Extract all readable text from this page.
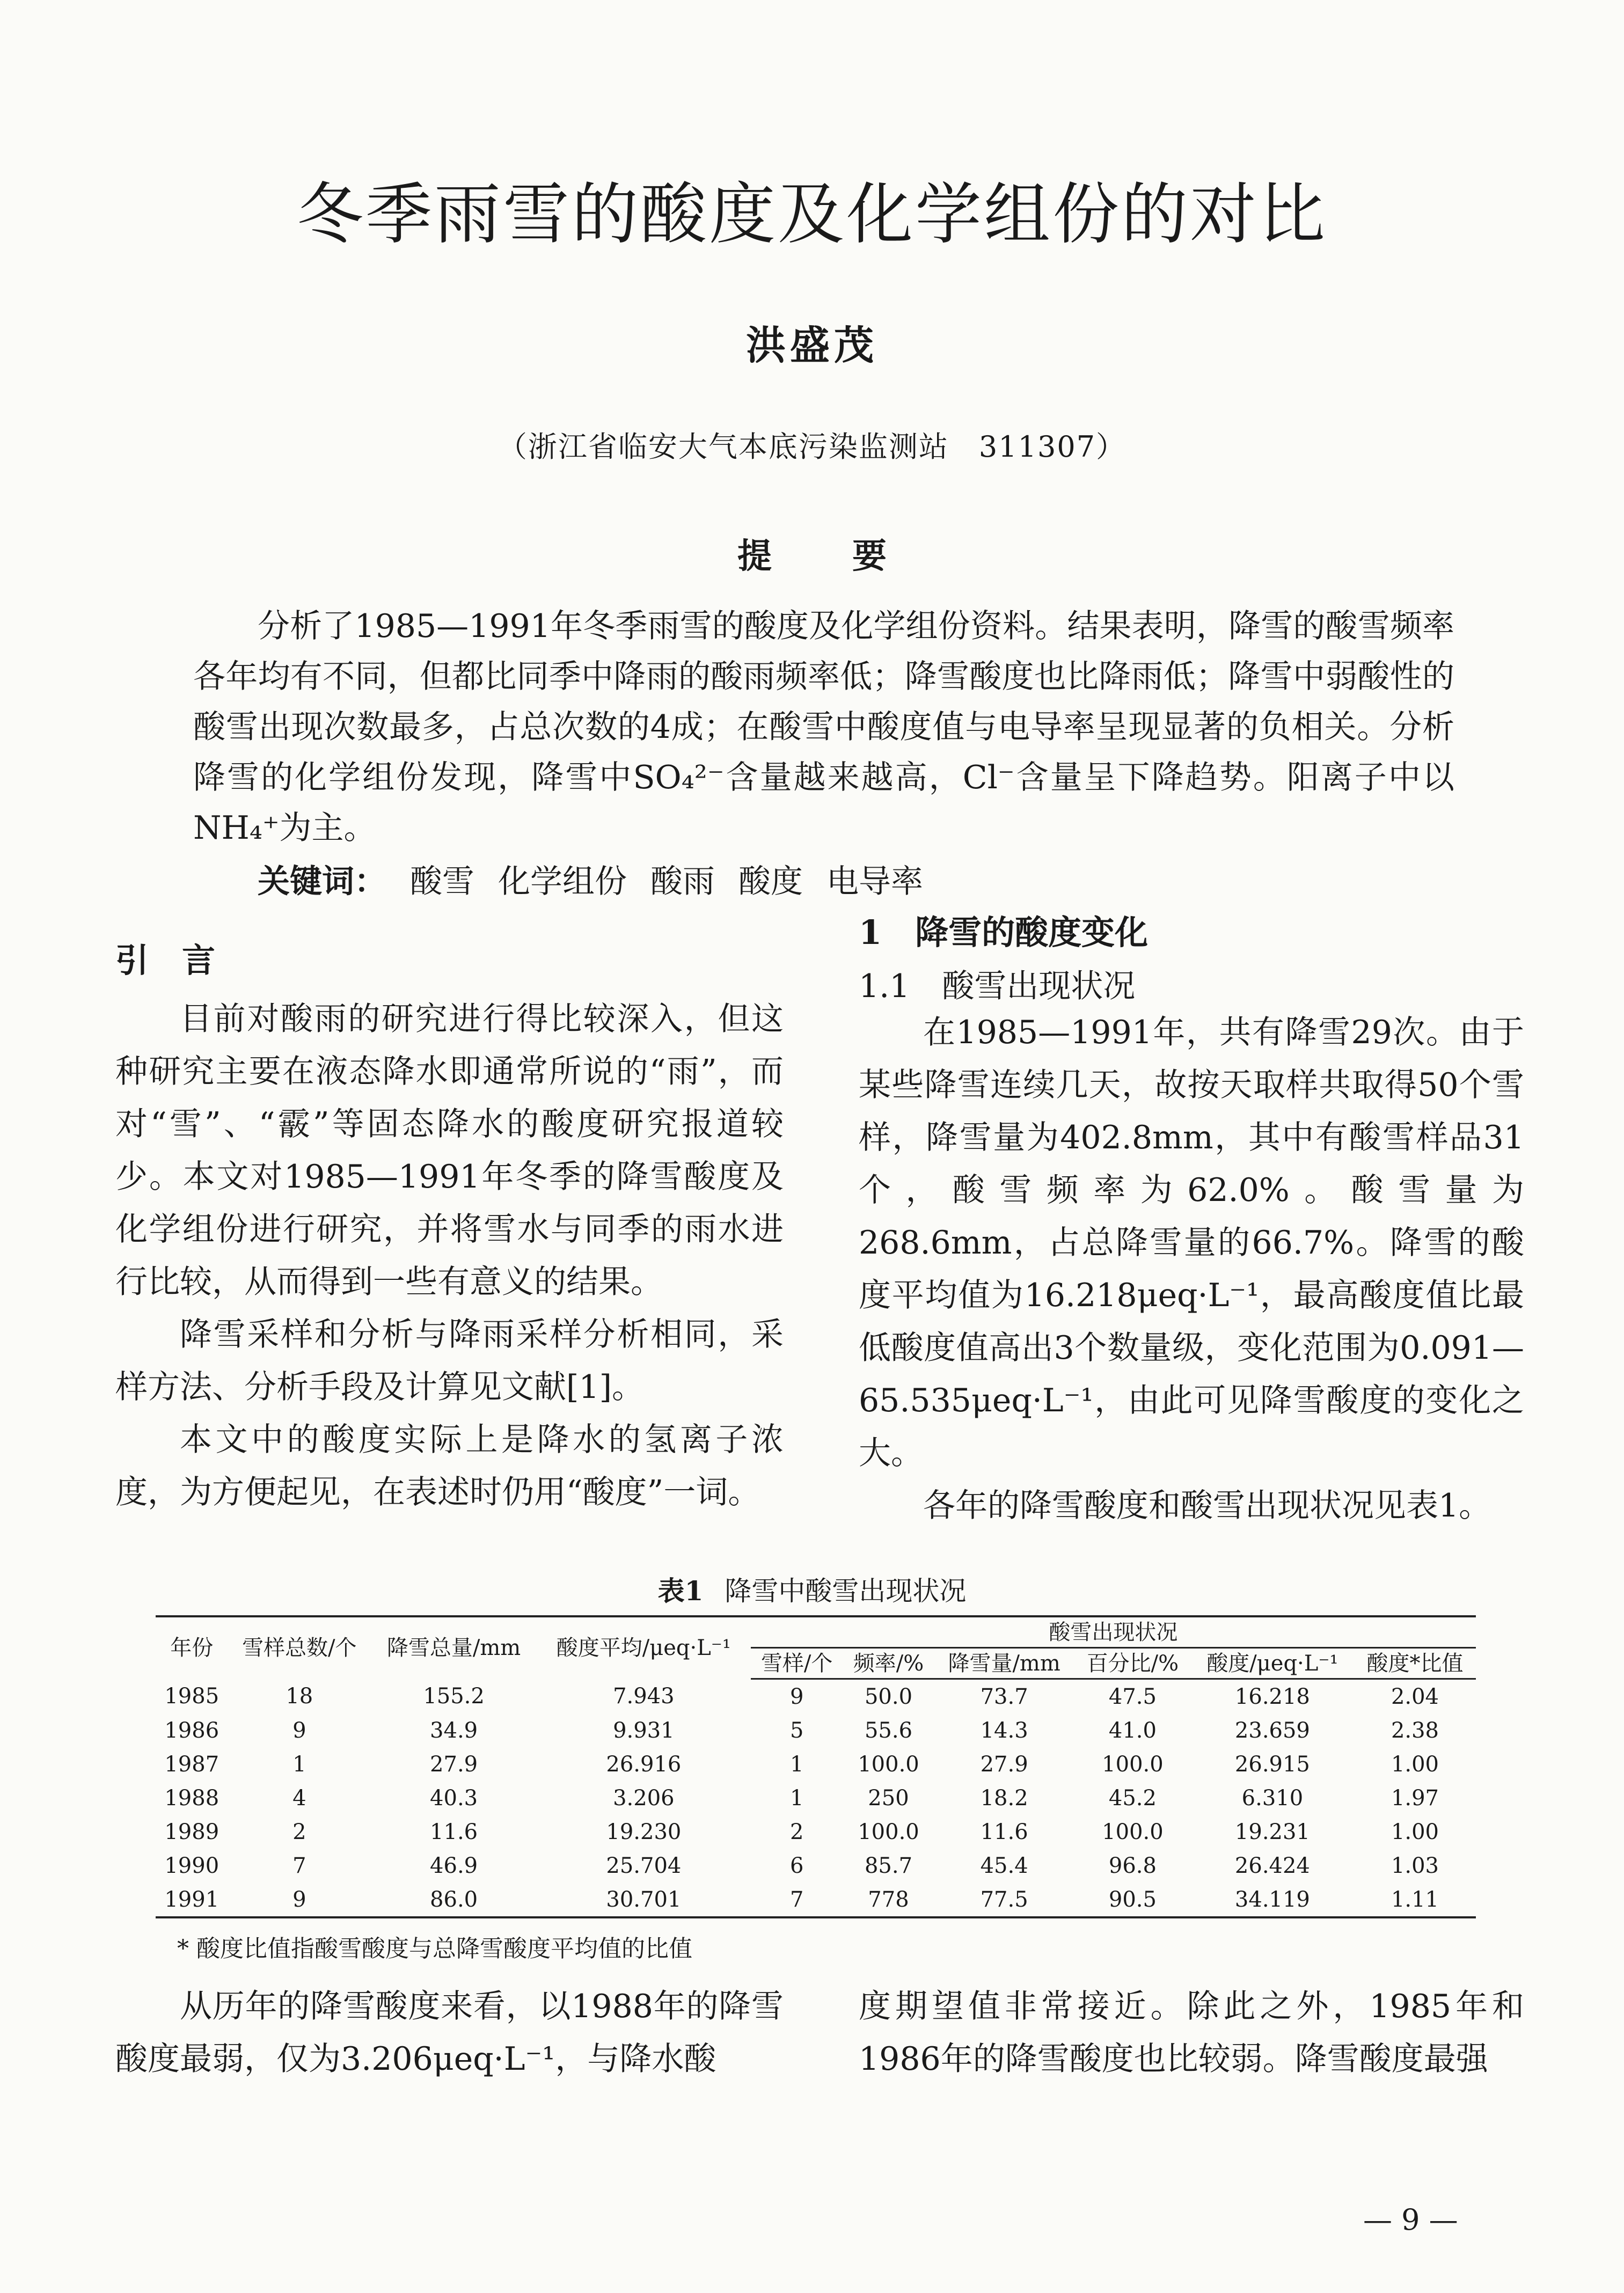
冬季雨雪的酸度及化学组份的对比
洪盛茂
（浙江省临安大气本底污染监测站　311307）
提 要
分析了1985—1991年冬季雨雪的酸度及化学组份资料。结果表明，降雪的酸雪频率各年均有不同，但都比同季中降雨的酸雨频率低；降雪酸度也比降雨低；降雪中弱酸性的酸雪出现次数最多，占总次数的4成；在酸雪中酸度值与电导率呈现显著的负相关。分析降雪的化学组份发现，降雪中SO₄²⁻含量越来越高，Cl⁻含量呈下降趋势。阳离子中以NH₄⁺为主。
关键词： 酸雪 化学组份 酸雨 酸度 电导率
引　言

目前对酸雨的研究进行得比较深入，但这种研究主要在液态降水即通常所说的“雨”，而对“雪”、“霰”等固态降水的酸度研究报道较少。本文对1985—1991年冬季的降雪酸度及化学组份进行研究，并将雪水与同季的雨水进行比较，从而得到一些有意义的结果。

降雪采样和分析与降雨采样分析相同，采样方法、分析手段及计算见文献[1]。

本文中的酸度实际上是降水的氢离子浓度，为方便起见，在表述时仍用“酸度”一词。

1　降雪的酸度变化
1.1　酸雪出现状况

在1985—1991年，共有降雪29次。由于某些降雪连续几天，故按天取样共取得50个雪样，降雪量为402.8mm，其中有酸雪样品31个，酸雪频率为62.0%。酸雪量为268.6mm，占总降雪量的66.7%。降雪的酸度平均值为16.218μeq·L⁻¹，最高酸度值比最低酸度值高出3个数量级，变化范围为0.091—65.535μeq·L⁻¹，由此可见降雪酸度的变化之大。

各年的降雪酸度和酸雪出现状况见表1。

表1 降雪中酸雪出现状况
年份	雪样总数/个	降雪总量/mm	酸度平均/μeq·L⁻¹	酸雪出现状况					
				雪样/个	频率/%	降雪量/mm	百分比/%	酸度/μeq·L⁻¹	酸度*比值
1985	18	155.2	7.943	9	50.0	73.7	47.5	16.218	2.04
1986	9	34.9	9.931	5	55.6	14.3	41.0	23.659	2.38
1987	1	27.9	26.916	1	100.0	27.9	100.0	26.915	1.00
1988	4	40.3	3.206	1	250	18.2	45.2	6.310	1.97
1989	2	11.6	19.230	2	100.0	11.6	100.0	19.231	1.00
1990	7	46.9	25.704	6	85.7	45.4	96.8	26.424	1.03
1991	9	86.0	30.701	7	778	77.5	90.5	34.119	1.11
* 酸度比值指酸雪酸度与总降雪酸度平均值的比值

从历年的降雪酸度来看，以1988年的降雪酸度最弱，仅为3.206μeq·L⁻¹，与降水酸

度期望值非常接近。除此之外，1985年和1986年的降雪酸度也比较弱。降雪酸度最强

— 9 —
